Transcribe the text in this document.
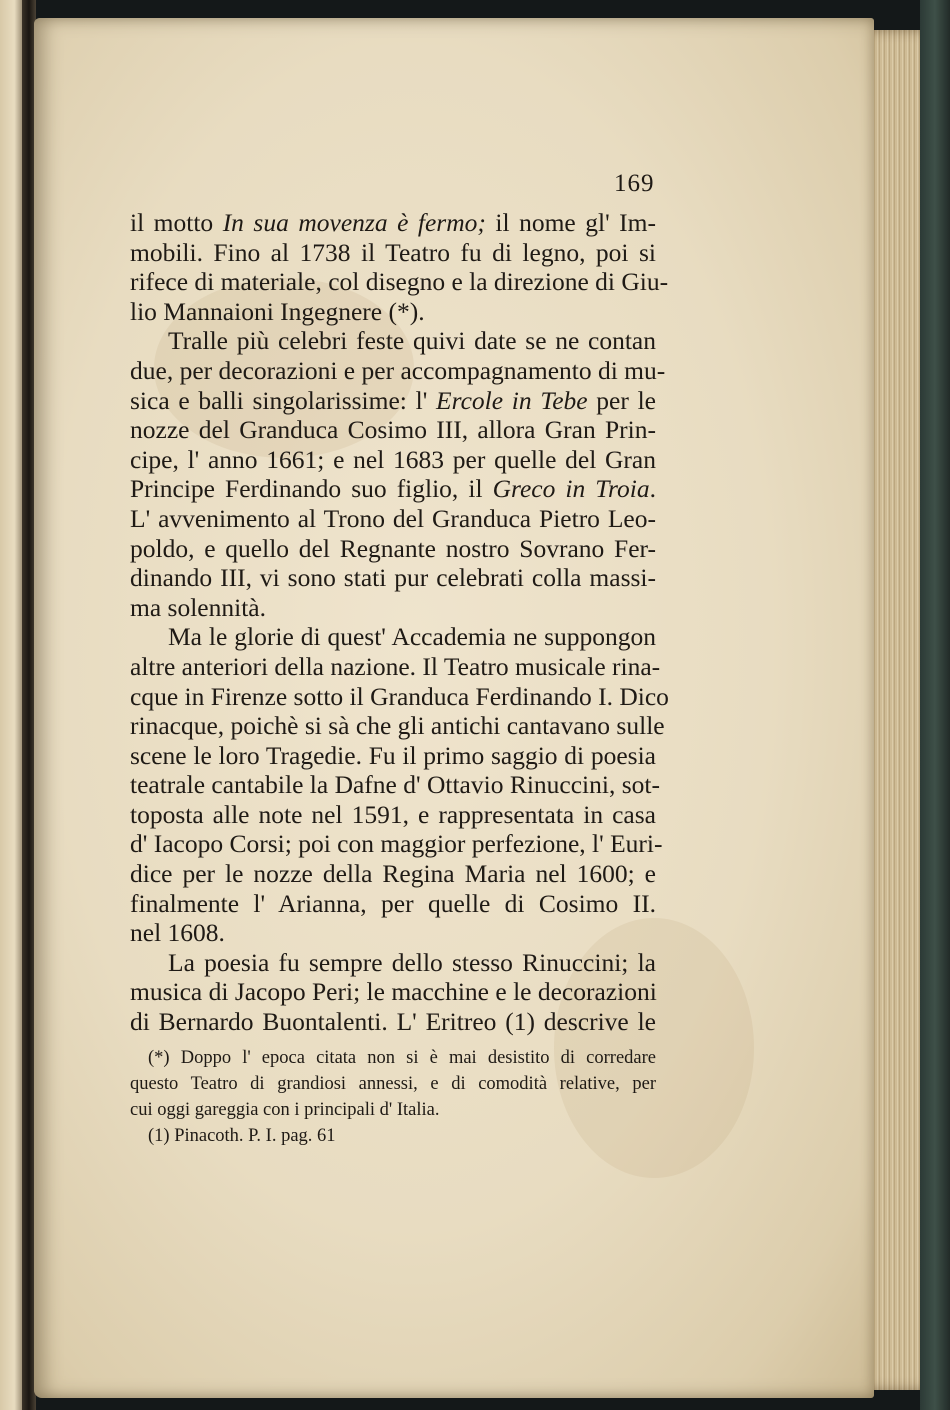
169
il motto In sua movenza è fermo; il nome gl' Im-
mobili. Fino al 1738 il Teatro fu di legno, poi si
rifece di materiale, col disegno e la direzione di Giu-
lio Mannaioni Ingegnere (*).
Tralle più celebri feste quivi date se ne contan
due, per decorazioni e per accompagnamento di mu-
sica e balli singolarissime: l' Ercole in Tebe per le
nozze del Granduca Cosimo III, allora Gran Prin-
cipe, l' anno 1661; e nel 1683 per quelle del Gran
Principe Ferdinando suo figlio, il Greco in Troia.
L' avvenimento al Trono del Granduca Pietro Leo-
poldo, e quello del Regnante nostro Sovrano Fer-
dinando III, vi sono stati pur celebrati colla massi-
ma solennità.
Ma le glorie di quest' Accademia ne suppongon
altre anteriori della nazione. Il Teatro musicale rina-
cque in Firenze sotto il Granduca Ferdinando I. Dico
rinacque, poichè si sà che gli antichi cantavano sulle
scene le loro Tragedie. Fu il primo saggio di poesia
teatrale cantabile la Dafne d' Ottavio Rinuccini, sot-
toposta alle note nel 1591, e rappresentata in casa
d' Iacopo Corsi; poi con maggior perfezione, l' Euri-
dice per le nozze della Regina Maria nel 1600; e
finalmente l' Arianna, per quelle di Cosimo II.
nel 1608.
La poesia fu sempre dello stesso Rinuccini; la
musica di Jacopo Peri; le macchine e le decorazioni
di Bernardo Buontalenti. L' Eritreo (1) descrive le
(*) Doppo l' epoca citata non si è mai desistito di corredare
questo Teatro di grandiosi annessi, e di comodità relative, per
cui oggi gareggia con i principali d' Italia.
(1) Pinacoth. P. I. pag. 61
